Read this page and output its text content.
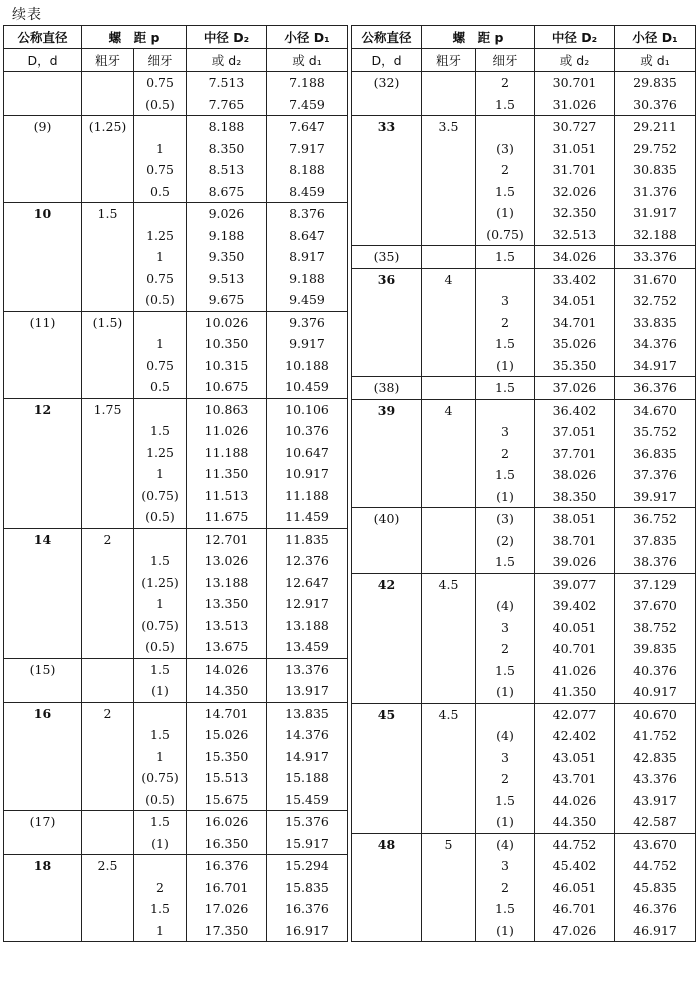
续表
公称直径	螺　距 p		中径 D₂	小径 D₁
D，d	粗牙	细牙	或 d₂	或 d₁
		0.75	7.513	7.188
		(0.5)	7.765	7.459
(9)	(1.25)		8.188	7.647
		1	8.350	7.917
		0.75	8.513	8.188
		0.5	8.675	8.459
10	1.5		9.026	8.376
		1.25	9.188	8.647
		1	9.350	8.917
		0.75	9.513	9.188
		(0.5)	9.675	9.459
(11)	(1.5)		10.026	9.376
		1	10.350	9.917
		0.75	10.315	10.188
		0.5	10.675	10.459
12	1.75		10.863	10.106
		1.5	11.026	10.376
		1.25	11.188	10.647
		1	11.350	10.917
		(0.75)	11.513	11.188
		(0.5)	11.675	11.459
14	2		12.701	11.835
		1.5	13.026	12.376
		(1.25)	13.188	12.647
		1	13.350	12.917
		(0.75)	13.513	13.188
		(0.5)	13.675	13.459
(15)		1.5	14.026	13.376
		(1)	14.350	13.917
16	2		14.701	13.835
		1.5	15.026	14.376
		1	15.350	14.917
		(0.75)	15.513	15.188
		(0.5)	15.675	15.459
(17)		1.5	16.026	15.376
		(1)	16.350	15.917
18	2.5		16.376	15.294
		2	16.701	15.835
		1.5	17.026	16.376
		1	17.350	16.917
公称直径	螺　距 p		中径 D₂	小径 D₁
D，d	粗牙	细牙	或 d₂	或 d₁
(32)		2	30.701	29.835
		1.5	31.026	30.376
33	3.5		30.727	29.211
		(3)	31.051	29.752
		2	31.701	30.835
		1.5	32.026	31.376
		(1)	32.350	31.917
		(0.75)	32.513	32.188
(35)		1.5	34.026	33.376
36	4		33.402	31.670
		3	34.051	32.752
		2	34.701	33.835
		1.5	35.026	34.376
		(1)	35.350	34.917
(38)		1.5	37.026	36.376
39	4		36.402	34.670
		3	37.051	35.752
		2	37.701	36.835
		1.5	38.026	37.376
		(1)	38.350	39.917
(40)		(3)	38.051	36.752
		(2)	38.701	37.835
		1.5	39.026	38.376
42	4.5		39.077	37.129
		(4)	39.402	37.670
		3	40.051	38.752
		2	40.701	39.835
		1.5	41.026	40.376
		(1)	41.350	40.917
45	4.5		42.077	40.670
		(4)	42.402	41.752
		3	43.051	42.835
		2	43.701	43.376
		1.5	44.026	43.917
		(1)	44.350	42.587
48	5	(4)	44.752	43.670
		3	45.402	44.752
		2	46.051	45.835
		1.5	46.701	46.376
		(1)	47.026	46.917
